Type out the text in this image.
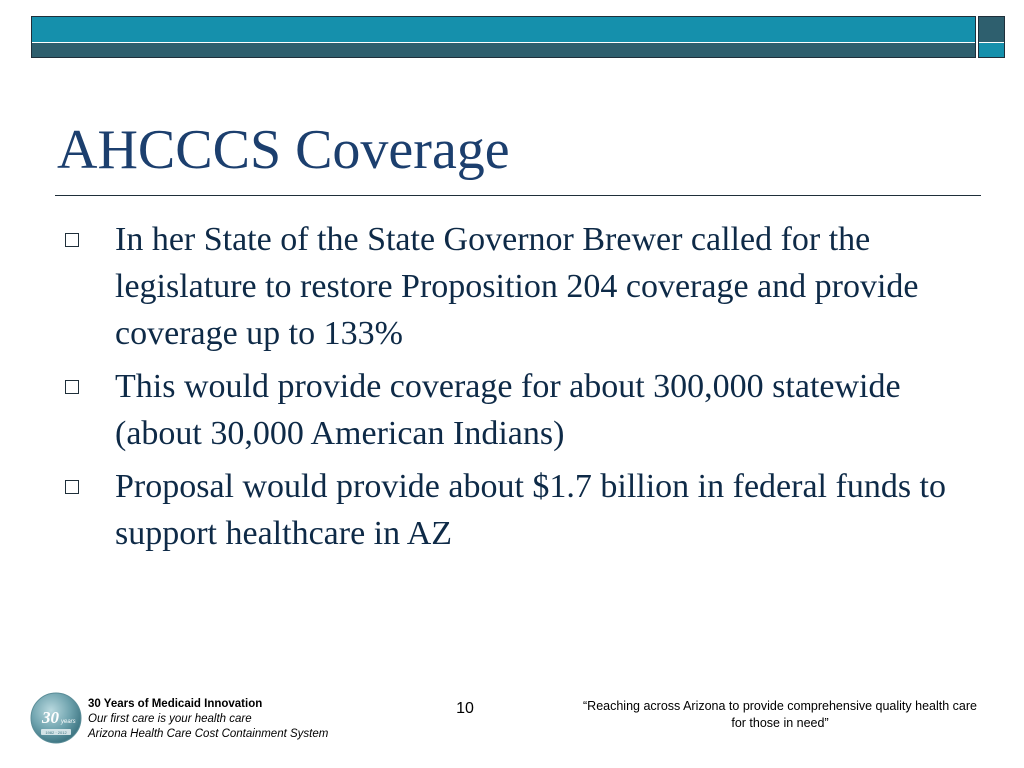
AHCCCS Coverage
In her State of the State Governor Brewer called for the legislature to restore Proposition 204 coverage and provide coverage up to 133%
This would provide coverage for about 300,000 statewide (about 30,000 American Indians)
Proposal would provide about $1.7 billion in federal funds to support healthcare in AZ
30 years
1982 · 2012
30 Years of Medicaid Innovation
Our first care is your health care
Arizona Health Care Cost Containment System
10	“Reaching across Arizona to provide comprehensive quality health care for those in need”
